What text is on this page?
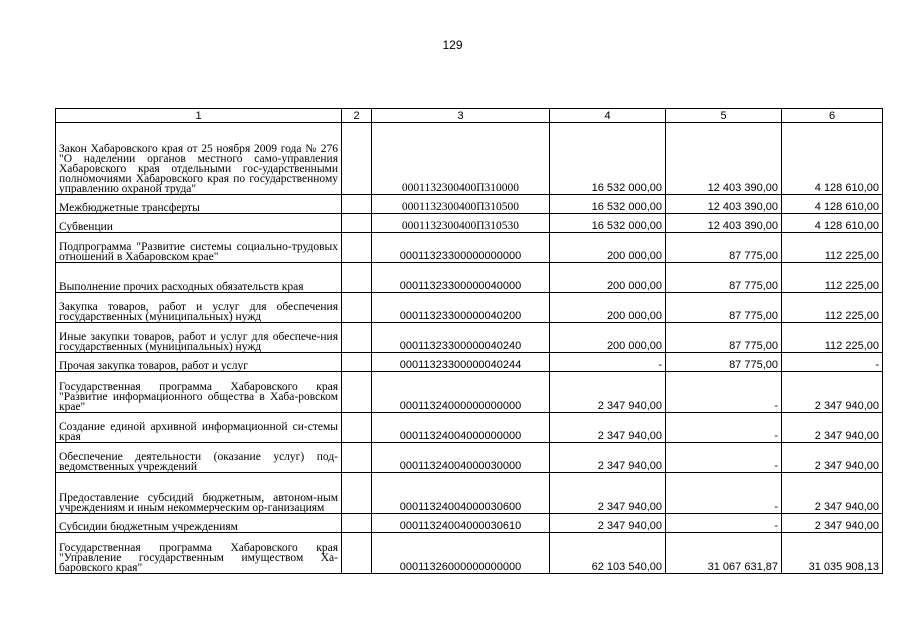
129
1	2	3	4	5	6
Закон Хабаровского края от 25 ноября 2009 года № 276 "О наделении органов местного само-управления Хабаровского края отдельными гос-ударственными полномочиями Хабаровского края по государственному управлению охраной труда"		0001132300400П310000	16 532 000,00	12 403 390,00	4 128 610,00
Межбюджетные трансферты		0001132300400П310500	16 532 000,00	12 403 390,00	4 128 610,00
Субвенции		0001132300400П310530	16 532 000,00	12 403 390,00	4 128 610,00
Подпрограмма "Развитие системы социально-трудовых отношений в Хабаровском крае"		00011323300000000000	200 000,00	87 775,00	112 225,00
Выполнение прочих расходных обязательств края		00011323300000040000	200 000,00	87 775,00	112 225,00
Закупка товаров, работ и услуг для обеспечения государственных (муниципальных) нужд		00011323300000040200	200 000,00	87 775,00	112 225,00
Иные закупки товаров, работ и услуг для обеспече-ния государственных (муниципальных) нужд		00011323300000040240	200 000,00	87 775,00	112 225,00
Прочая закупка товаров, работ и услуг		00011323300000040244	-	87 775,00	-
Государственная программа Хабаровского края "Развитие информационного общества в Хаба-ровском крае"		00011324000000000000	2 347 940,00	-	2 347 940,00
Создание единой архивной информационной си-стемы края		00011324004000000000	2 347 940,00	-	2 347 940,00
Обеспечение деятельности (оказание услуг) под-ведомственных учреждений		00011324004000030000	2 347 940,00	-	2 347 940,00
Предоставление субсидий бюджетным, автоном-ным учреждениям и иным некоммерческим ор-ганизациям		00011324004000030600	2 347 940,00	-	2 347 940,00
Субсидии бюджетным учреждениям		00011324004000030610	2 347 940,00	-	2 347 940,00
Государственная программа Хабаровского края "Управление государственным имуществом Ха-баровского края"		00011326000000000000	62 103 540,00	31 067 631,87	31 035 908,13
